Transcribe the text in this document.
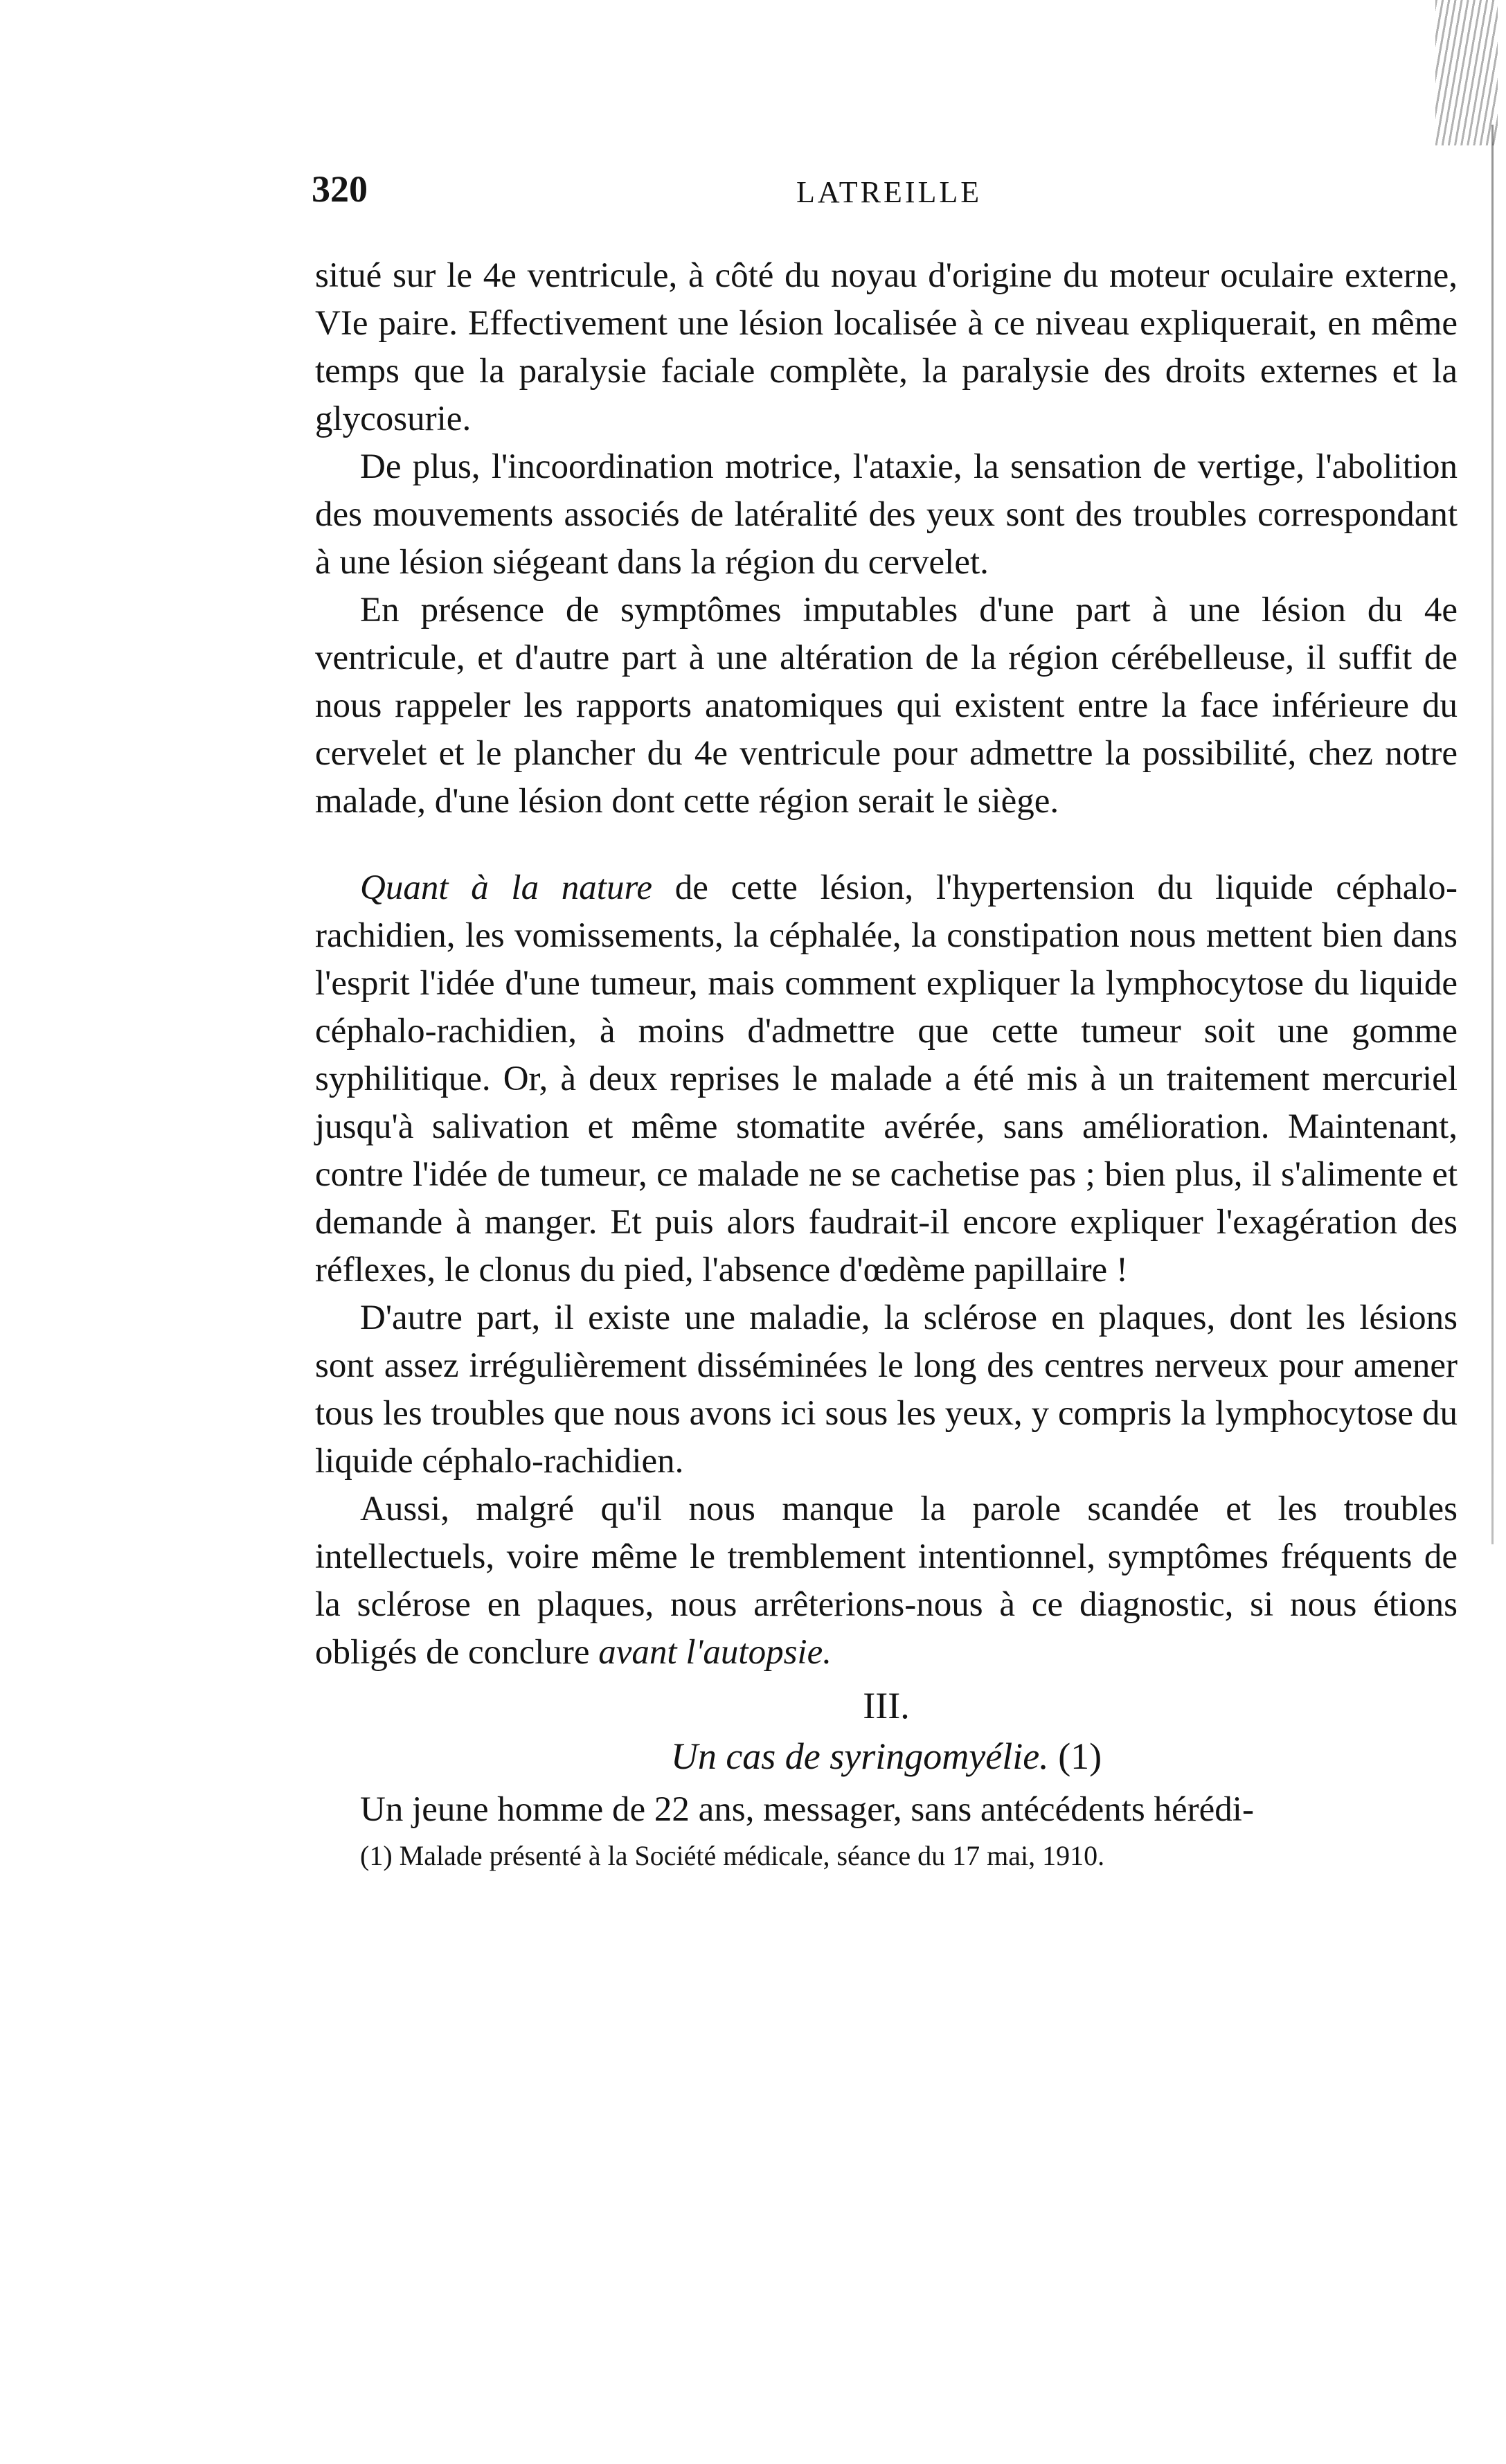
320	LATREILLE

situé sur le 4e ventricule, à côté du noyau d'origine du moteur oculaire externe, VIe paire. Effectivement une lésion localisée à ce niveau expliquerait, en même temps que la paralysie faciale complète, la paralysie des droits externes et la glycosurie.

De plus, l'incoordination motrice, l'ataxie, la sensation de vertige, l'abolition des mouvements associés de latéralité des yeux sont des troubles correspondant à une lésion siégeant dans la région du cervelet.

En présence de symptômes imputables d'une part à une lésion du 4e ventricule, et d'autre part à une altération de la région cérébelleuse, il suffit de nous rappeler les rapports anatomiques qui existent entre la face inférieure du cervelet et le plancher du 4e ventricule pour admettre la possibilité, chez notre malade, d'une lésion dont cette région serait le siège.

Quant à la nature de cette lésion, l'hypertension du liquide céphalo-rachidien, les vomissements, la céphalée, la constipation nous mettent bien dans l'esprit l'idée d'une tumeur, mais comment expliquer la lymphocytose du liquide céphalo-rachidien, à moins d'admettre que cette tumeur soit une gomme syphilitique. Or, à deux reprises le malade a été mis à un traitement mercuriel jusqu'à salivation et même stomatite avérée, sans amélioration. Maintenant, contre l'idée de tumeur, ce malade ne se cachetise pas ; bien plus, il s'alimente et demande à manger. Et puis alors faudrait-il encore expliquer l'exagération des réflexes, le clonus du pied, l'absence d'œdème papillaire !

D'autre part, il existe une maladie, la sclérose en plaques, dont les lésions sont assez irrégulièrement disséminées le long des centres nerveux pour amener tous les troubles que nous avons ici sous les yeux, y compris la lymphocytose du liquide céphalo-rachidien.

Aussi, malgré qu'il nous manque la parole scandée et les troubles intellectuels, voire même le tremblement intentionnel, symptômes fréquents de la sclérose en plaques, nous arrêterions-nous à ce diagnostic, si nous étions obligés de conclure avant l'autopsie.

III.

Un cas de syringomyélie. (1)

Un jeune homme de 22 ans, messager, sans antécédents hérédi-

(1) Malade présenté à la Société médicale, séance du 17 mai, 1910.
